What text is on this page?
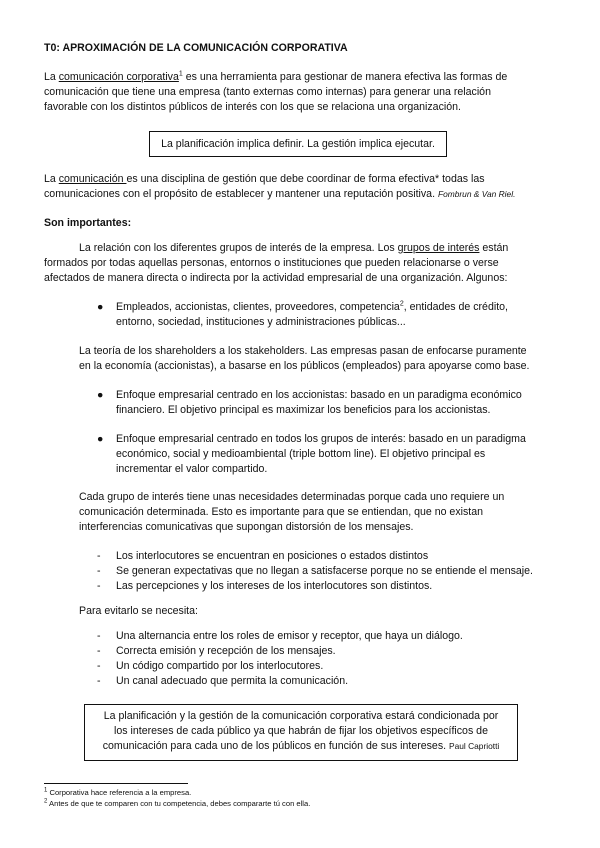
T0: APROXIMACIÓN DE LA COMUNICACIÓN CORPORATIVA
La comunicación corporativa$^1$ es una herramienta para gestionar de manera efectiva las formas de
comunicación que tiene una empresa (tanto externas como internas) para generar una relación
favorable con los distintos públicos de interés con los que se relaciona una organización.
La planificación implica definir. La gestión implica ejecutar.
La comunicación es una disciplina de gestión que debe coordinar de forma efectiva* todas las
comunicaciones con el propósito de establecer y mantener una reputación positiva. Fombrun & Van Riel.
Son importantes:
La relación con los diferentes grupos de interés de la empresa. Los grupos de interés están
formados por todas aquellas personas, entornos o instituciones que pueden relacionarse o verse
afectados de manera directa o indirecta por la actividad empresarial de una organización. Algunos:
● Empleados, accionistas, clientes, proveedores, competencia$^2$, entidades de crédito,
entorno, sociedad, instituciones y administraciones públicas...
La teoría de los shareholders a los stakeholders. Las empresas pasan de enfocarse puramente
en la economía (accionistas), a basarse en los públicos (empleados) para apoyarse como base.
● Enfoque empresarial centrado en los accionistas: basado en un paradigma económico
financiero. El objetivo principal es maximizar los beneficios para los accionistas.
● Enfoque empresarial centrado en todos los grupos de interés: basado en un paradigma
económico, social y medioambiental (triple bottom line). El objetivo principal es
incrementar el valor compartido.
Cada grupo de interés tiene unas necesidades determinadas porque cada uno requiere un
comunicación determinada. Esto es importante para que se entiendan, que no existan
interferencias comunicativas que supongan distorsión de los mensajes.
- Los interlocutores se encuentran en posiciones o estados distintos
- Se generan expectativas que no llegan a satisfacerse porque no se entiende el mensaje.
- Las percepciones y los intereses de los interlocutores son distintos.
Para evitarlo se necesita:
- Una alternancia entre los roles de emisor y receptor, que haya un diálogo.
- Correcta emisión y recepción de los mensajes.
- Un código compartido por los interlocutores.
- Un canal adecuado que permita la comunicación.
La planificación y la gestión de la comunicación corporativa estará condicionada por
los intereses de cada público ya que habrán de fijar los objetivos específicos de
comunicación para cada uno de los públicos en función de sus intereses. Paul Capriotti
$^1$ Corporativa hace referencia a la empresa.
$^2$ Antes de que te comparen con tu competencia, debes compararte tú con ella.
